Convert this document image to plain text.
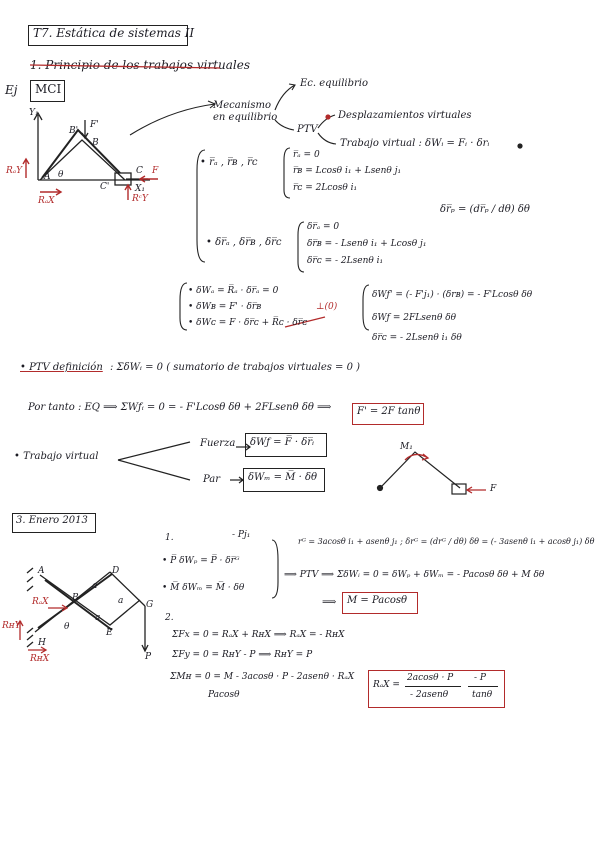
T7. Estática de sistemas II
1. Principio de los trabajos virtuales
Ej MCI
Y₁
B'
F'
B
RₐY
A θ	C
C'
F
X₁
RₐX	RᶜY
Mecanismo en equilibrio
Ec. equilibrio
PTV
Desplazamientos virtuales
Trabajo virtual : δWᵢ = Fᵢ · δrᵢ
• r̅ₐ , r̅ʙ , r̅ᴄ
r̅ₐ = 0
r̅ʙ = Lcosθ i₁ + Lsenθ j₁
r̅ᴄ = 2Lcosθ i₁
δr̅ₚ = (dr̅ₚ / dθ) δθ
• δr̅ₐ , δr̅ʙ , δr̅ᴄ
δr̅ₐ = 0
δr̅ʙ = - Lsenθ i₁ + Lcosθ j₁
δr̅ᴄ = - 2Lsenθ i₁
• δWₐ = R̅ₐ · δr̅ₐ = 0
• δWʙ = F' · δr̅ʙ
• δWᴄ = F · δr̅ᴄ + R̅ᴄ · δr̅ᴄ
⊥(0)
δWƒ' = (- F'j₁) · (δrʙ) = - F'Lcosθ δθ
δWƒ = 2FLsenθ δθ
δr̅ᴄ = - 2Lsenθ i₁ δθ
• PTV definición : ΣδWᵢ = 0 ( sumatorio de trabajos virtuales = 0 )
Por tanto : EQ ⟹ ΣWƒᵢ = 0 = - F'Lcosθ δθ + 2FLsenθ δθ ⟹	F' = 2F tanθ
• Trabajo virtual
Fuerza δWƒ = F̅ · δr̅ᵢ
Par	δWₘ = M̅ · δθ
M₁
F
3. Enero 2013
A	D
B
a
a
a
RₐX	G
RʜY	θ
E
H
P
RʜX
1.	- Pj₁
• P̅ δWₚ = P̅ · δr̅ᴳ
• M̅ δWₘ = M̅ · δθ
rᴳ = 3acosθ i₁ + asenθ j₁ ; δrᴳ = (drᴳ / dθ) δθ = (- 3asenθ i₁ + acosθ j₁) δθ
⟹ PTV ⟹ ΣδWᵢ = 0 = δWₚ + δWₘ = - Pacosθ δθ + M δθ
⟹ M = Pacosθ
2.
ΣFx = 0 = RₐX + RʜX ⟹ RₐX = - RʜX
ΣFy = 0 = RʜY - P ⟹ RʜY = P
ΣMʜ = 0 = M - 3acosθ · P - 2asenθ · RₐX
Pacosθ
RₐX =
2acosθ · P
- 2asenθ
- P
tanθ
